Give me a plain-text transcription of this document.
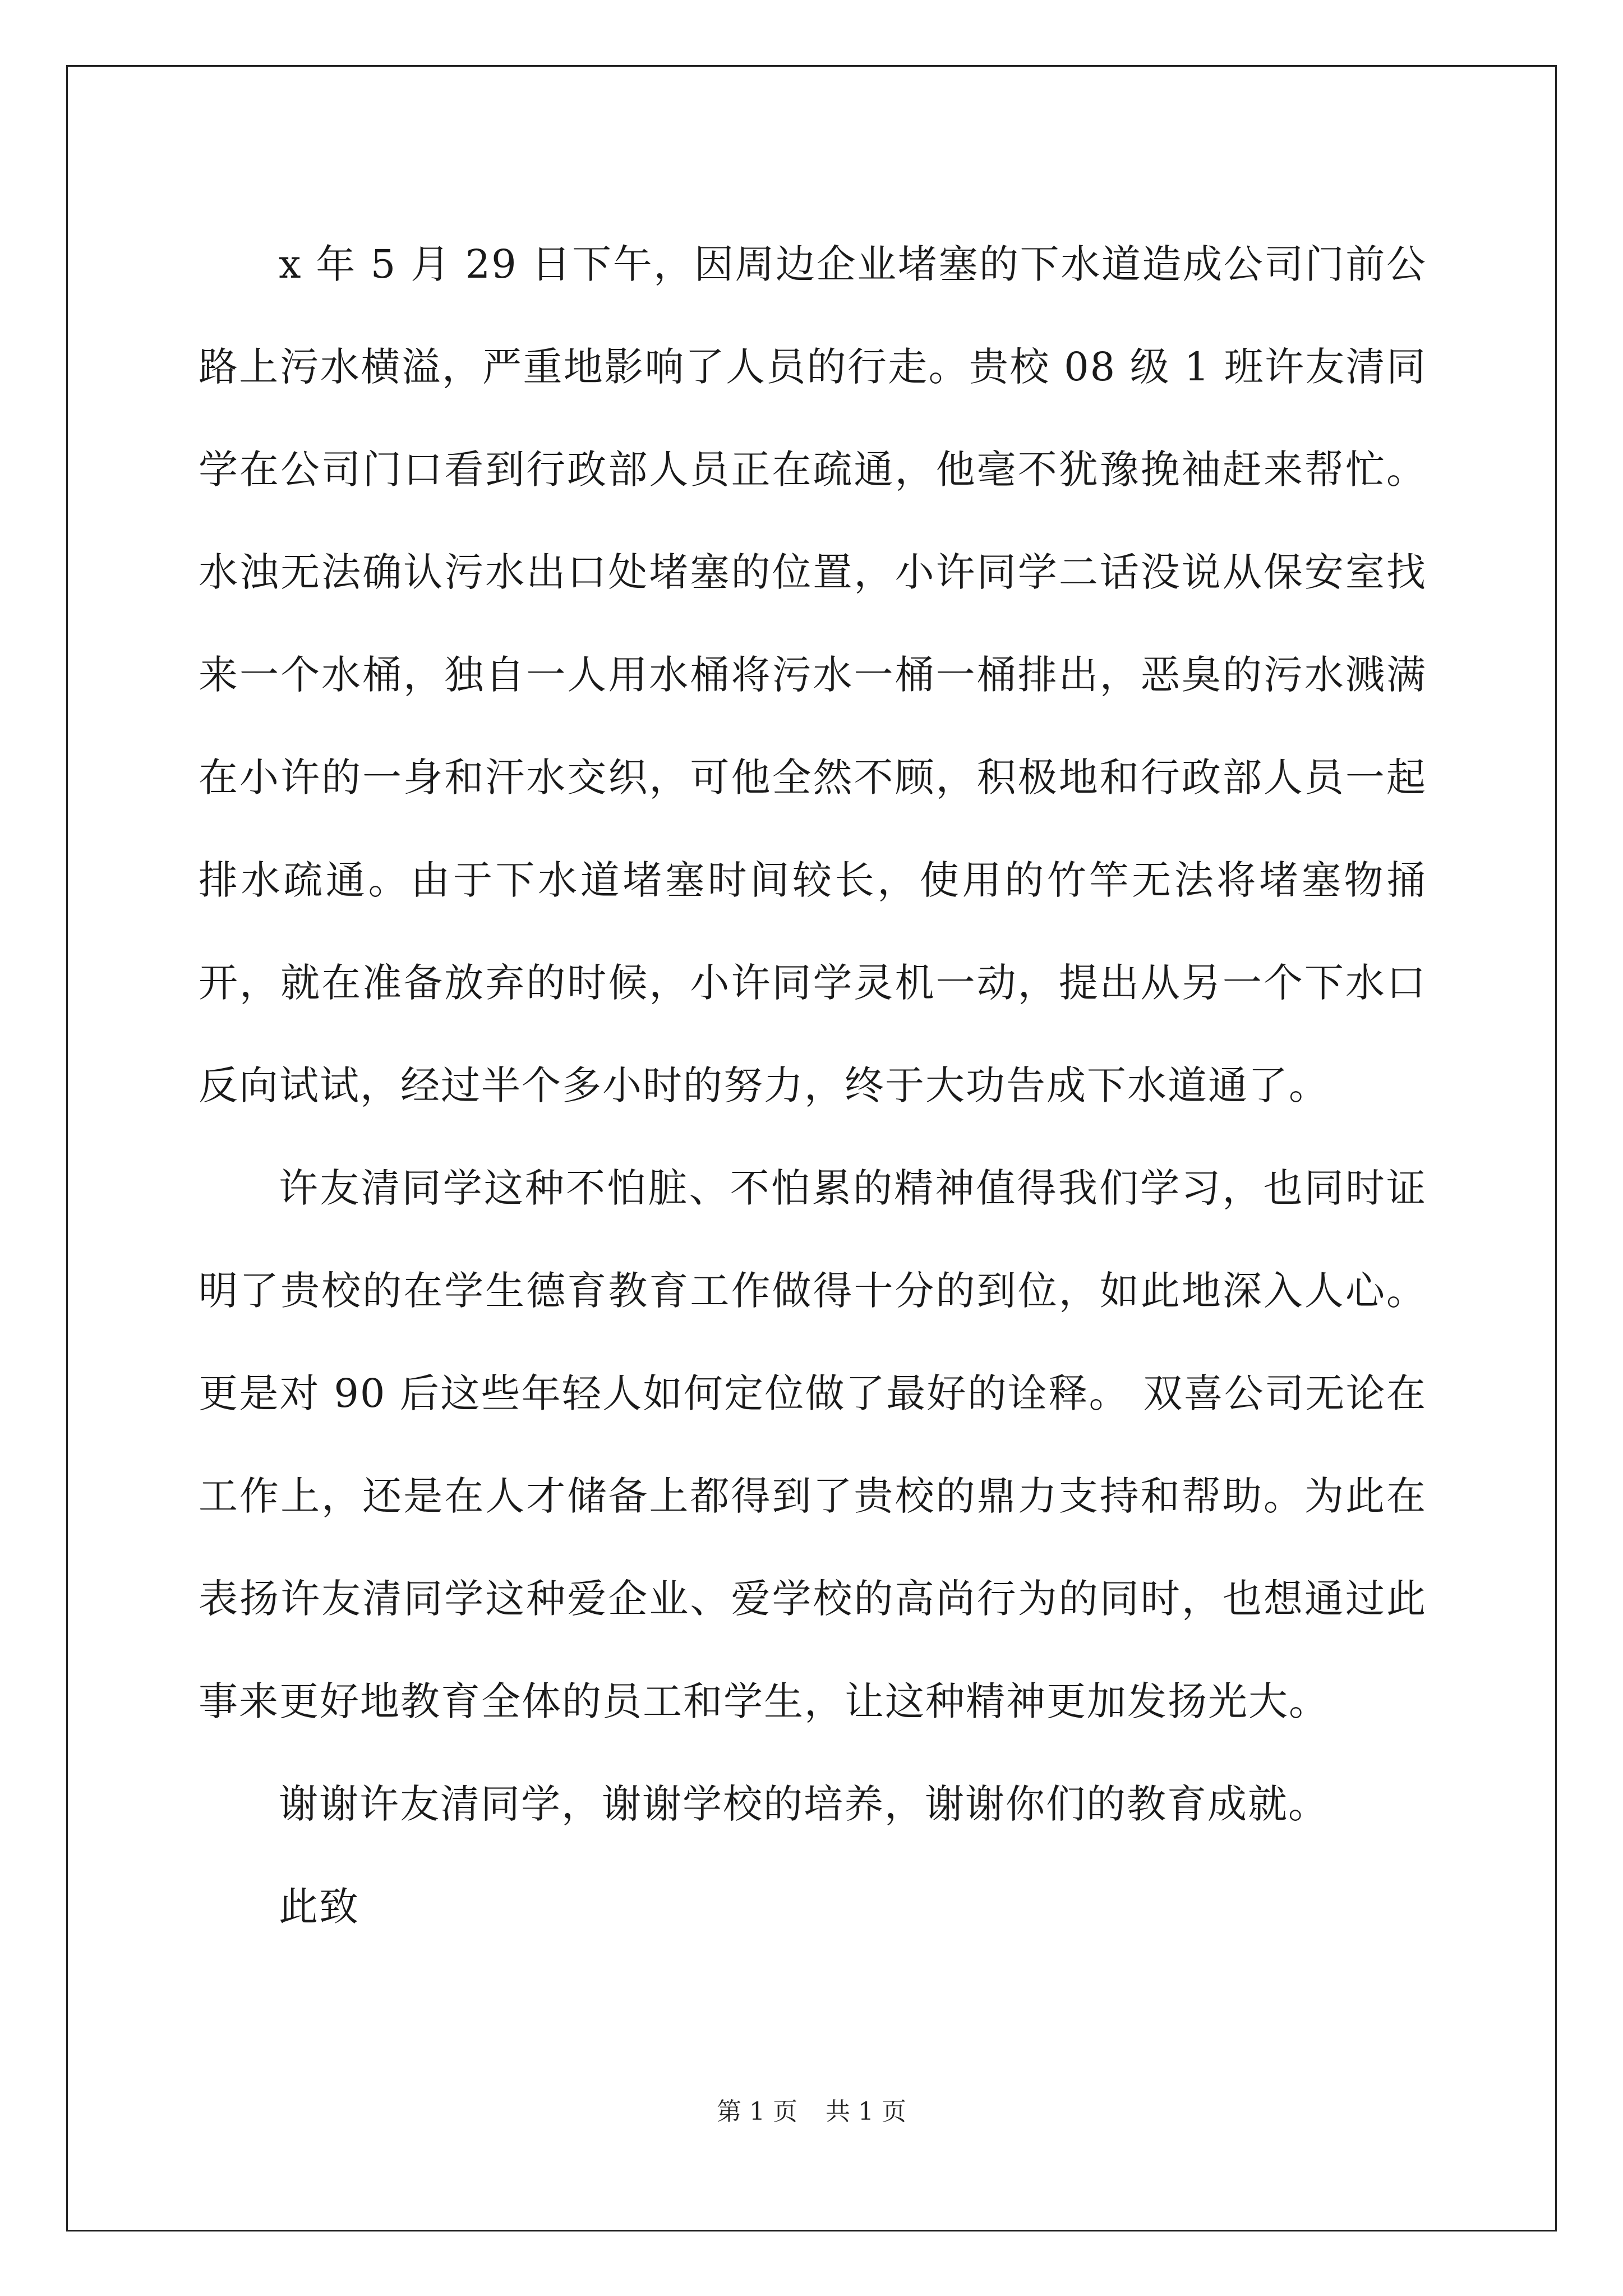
x 年 5 月 29 日下午，因周边企业堵塞的下水道造成公司门前公路上污水横溢，严重地影响了人员的行走。贵校 08 级 1 班许友清同学在公司门口看到行政部人员正在疏通，他毫不犹豫挽袖赶来帮忙。水浊无法确认污水出口处堵塞的位置，小许同学二话没说从保安室找来一个水桶，独自一人用水桶将污水一桶一桶排出，恶臭的污水溅满在小许的一身和汗水交织，可他全然不顾，积极地和行政部人员一起排水疏通。由于下水道堵塞时间较长，使用的竹竿无法将堵塞物捅开，就在准备放弃的时候，小许同学灵机一动，提出从另一个下水口反向试试，经过半个多小时的努力，终于大功告成下水道通了。

许友清同学这种不怕脏、不怕累的精神值得我们学习，也同时证明了贵校的在学生德育教育工作做得十分的到位，如此地深入人心。更是对 90 后这些年轻人如何定位做了最好的诠释。 双喜公司无论在工作上，还是在人才储备上都得到了贵校的鼎力支持和帮助。为此在表扬许友清同学这种爱企业、爱学校的高尚行为的同时，也想通过此事来更好地教育全体的员工和学生，让这种精神更加发扬光大。

谢谢许友清同学，谢谢学校的培养，谢谢你们的教育成就。

此致

第 1 页 共 1 页
